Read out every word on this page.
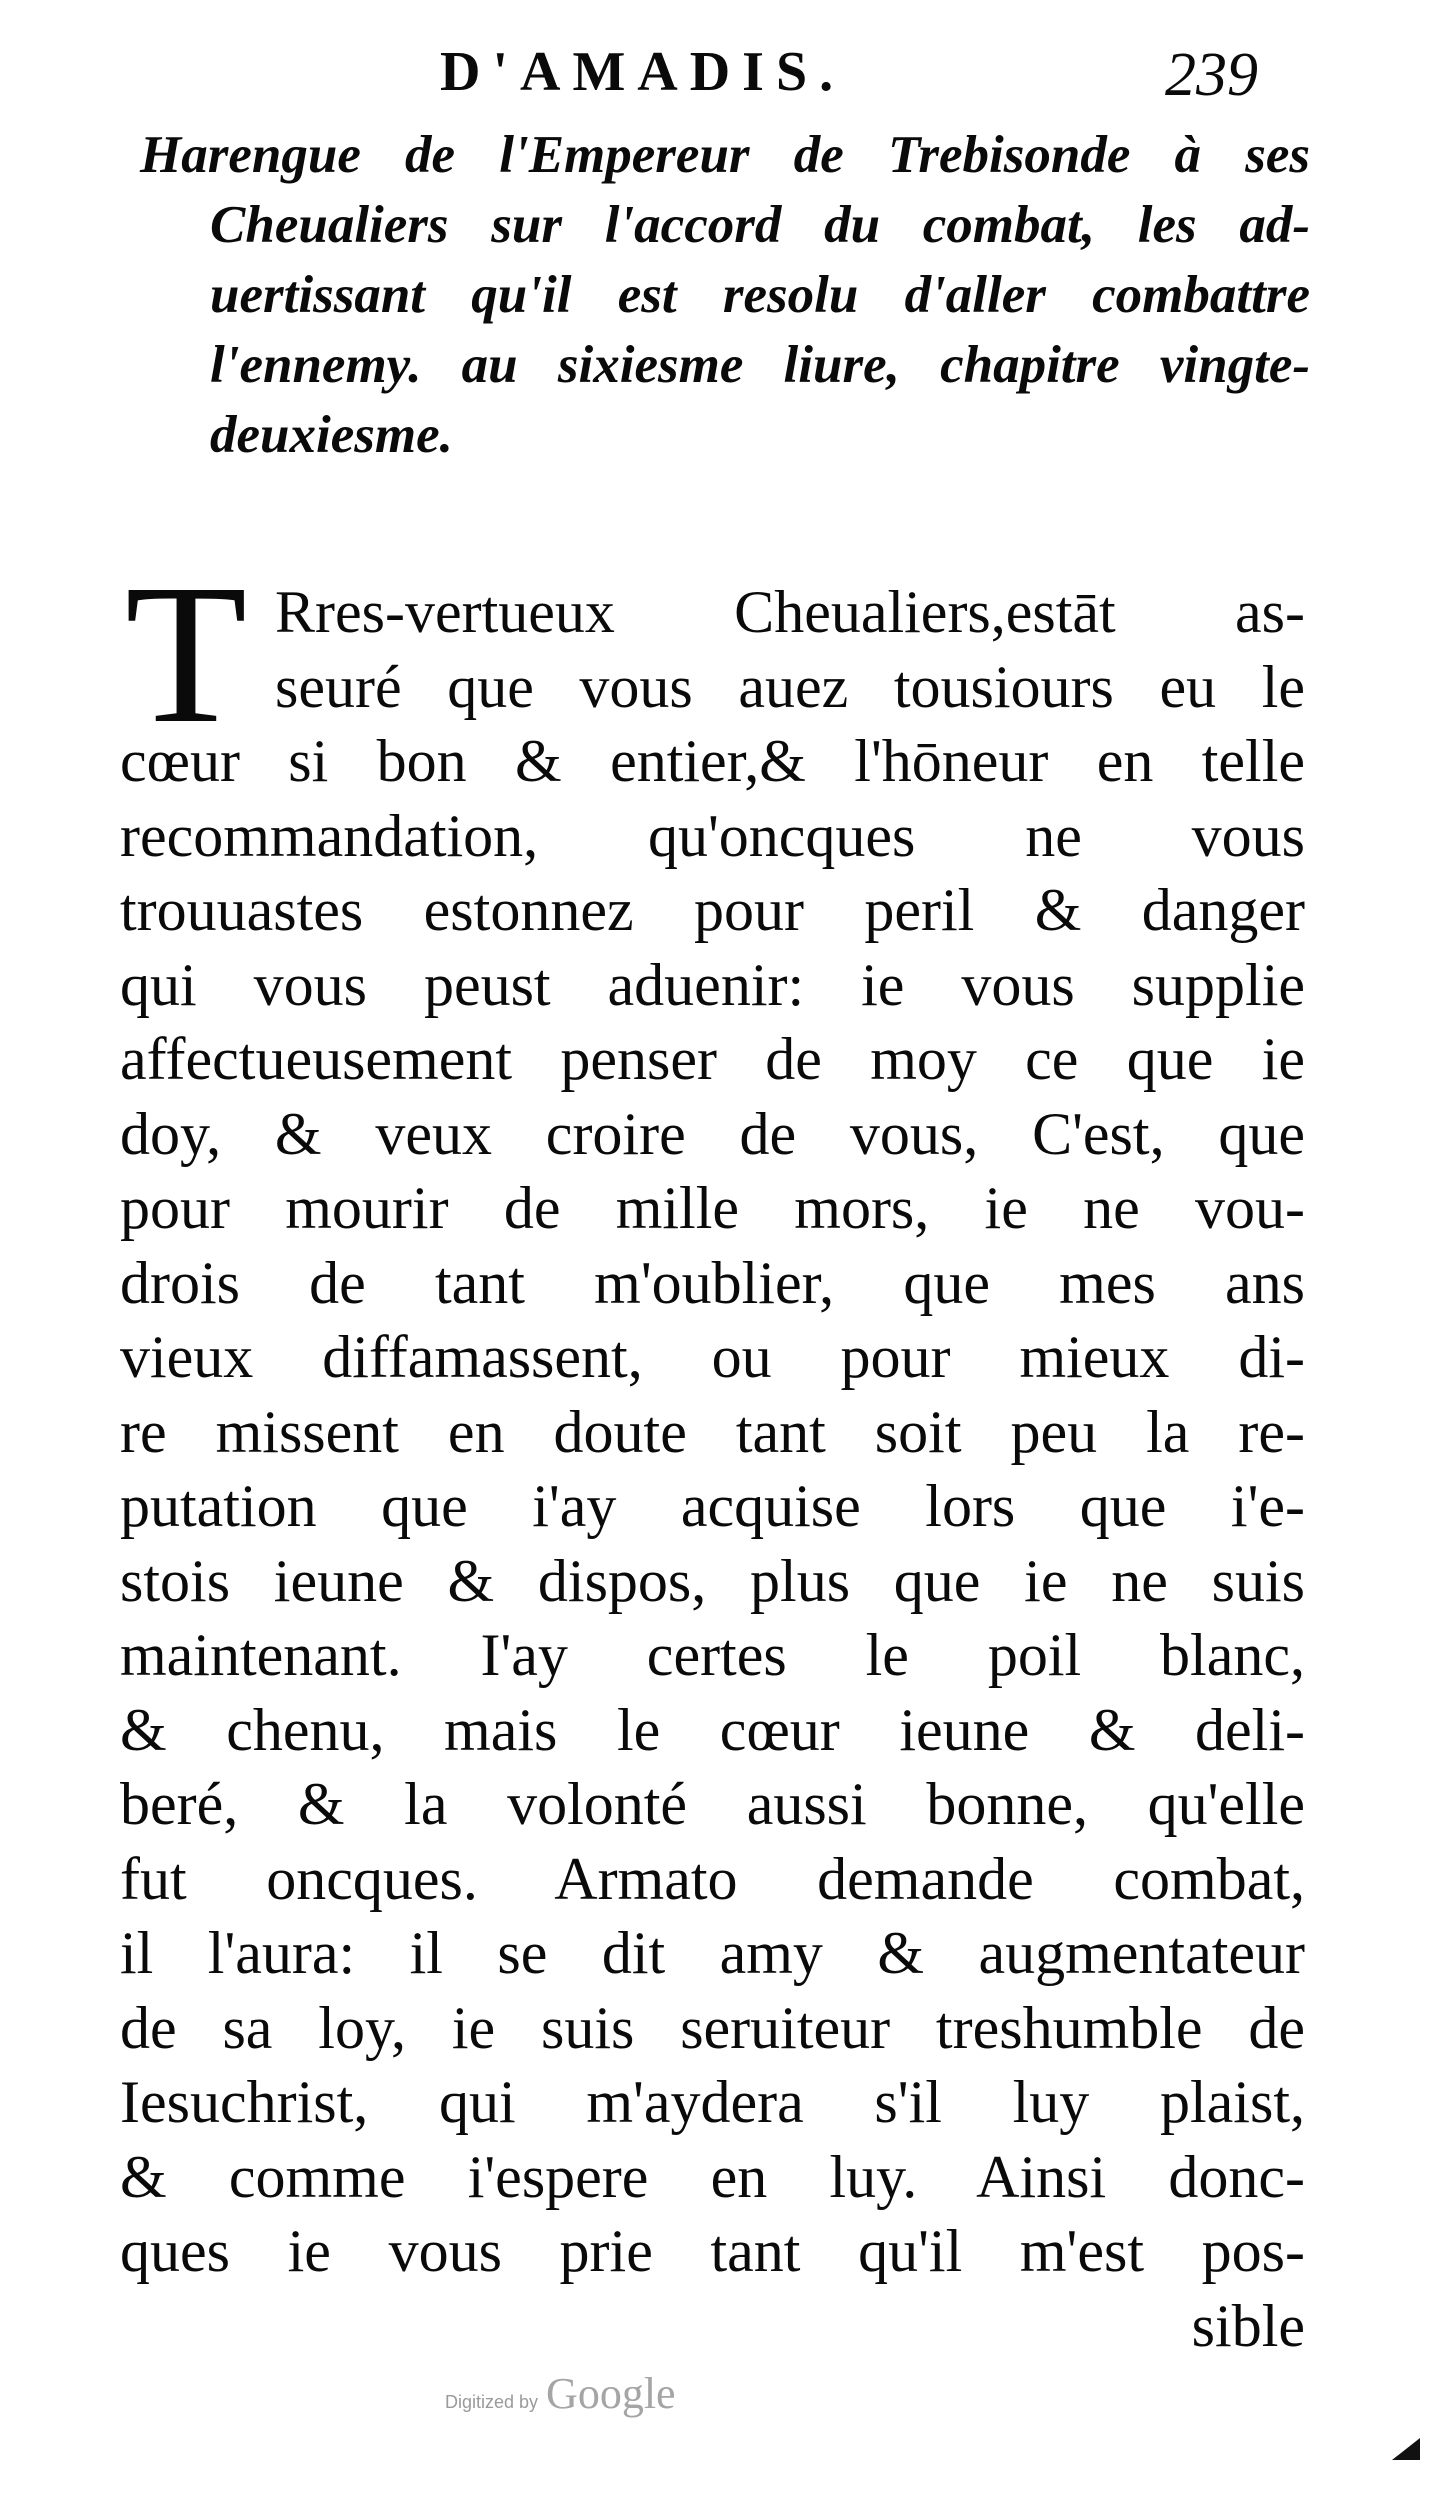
D'AMADIS.	239
Harengue de l'Empereur de Trebisonde à ses
Cheualiers sur l'accord du combat, les ad-
uertissant qu'il est resolu d'aller combattre
l'ennemy. au sixiesme liure, chapitre vingte-
deuxiesme.
T Rres-vertueux Cheualiers,estāt as-
seuré que vous auez tousiours eu le
cœur si bon & entier,& l'hōneur en telle
recommandation, qu'oncques ne vous
trouuastes estonnez pour peril & danger
qui vous peust aduenir: ie vous supplie
affectueusement penser de moy ce que ie
doy, & veux croire de vous, C'est, que
pour mourir de mille mors, ie ne vou-
drois de tant m'oublier, que mes ans
vieux diffamassent, ou pour mieux di-
re missent en doute tant soit peu la re-
putation que i'ay acquise lors que i'e-
stois ieune & dispos, plus que ie ne suis
maintenant. I'ay certes le poil blanc,
& chenu, mais le cœur ieune & deli-
beré, & la volonté aussi bonne, qu'elle
fut oncques. Armato demande combat,
il l'aura: il se dit amy & augmentateur
de sa loy, ie suis seruiteur treshumble de
Iesuchrist, qui m'aydera s'il luy plaist,
& comme i'espere en luy. Ainsi donc-
ques ie vous prie tant qu'il m'est pos-
sible
Digitized by Google
